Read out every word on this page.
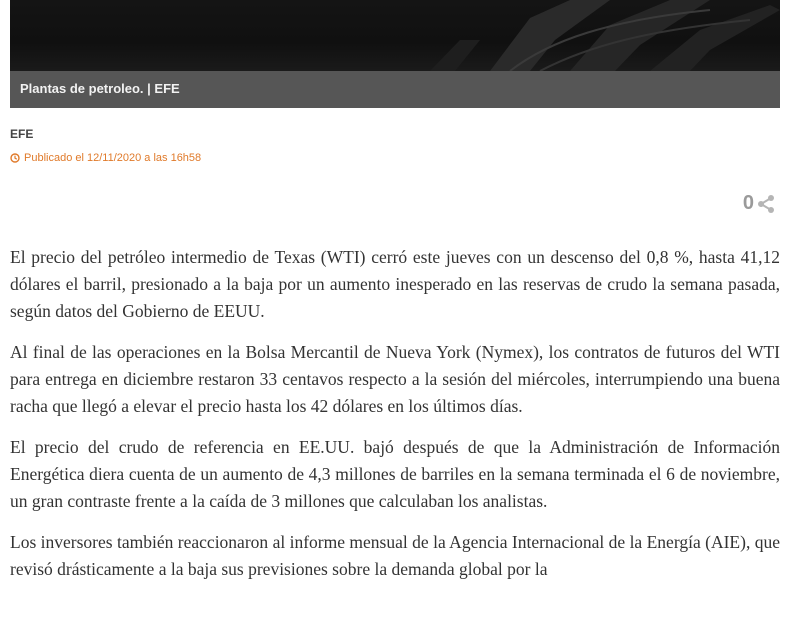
Plantas de petroleo. | EFE
EFE
Publicado el 12/11/2020 a las 16h58
0

El precio del petróleo intermedio de Texas (WTI) cerró este jueves con un descenso del 0,8 %, hasta 41,12 dólares el barril, presionado a la baja por un aumento inesperado en las reservas de crudo la semana pasada, según datos del Gobierno de EEUU.

Al final de las operaciones en la Bolsa Mercantil de Nueva York (Nymex), los contratos de futuros del WTI para entrega en diciembre restaron 33 centavos respecto a la sesión del miércoles, interrumpiendo una buena racha que llegó a elevar el precio hasta los 42 dólares en los últimos días.

El precio del crudo de referencia en EE.UU. bajó después de que la Administración de Información Energética diera cuenta de un aumento de 4,3 millones de barriles en la semana terminada el 6 de noviembre, un gran contraste frente a la caída de 3 millones que calculaban los analistas.

Los inversores también reaccionaron al informe mensual de la Agencia Internacional de la Energía (AIE), que revisó drásticamente a la baja sus previsiones sobre la demanda global por la
